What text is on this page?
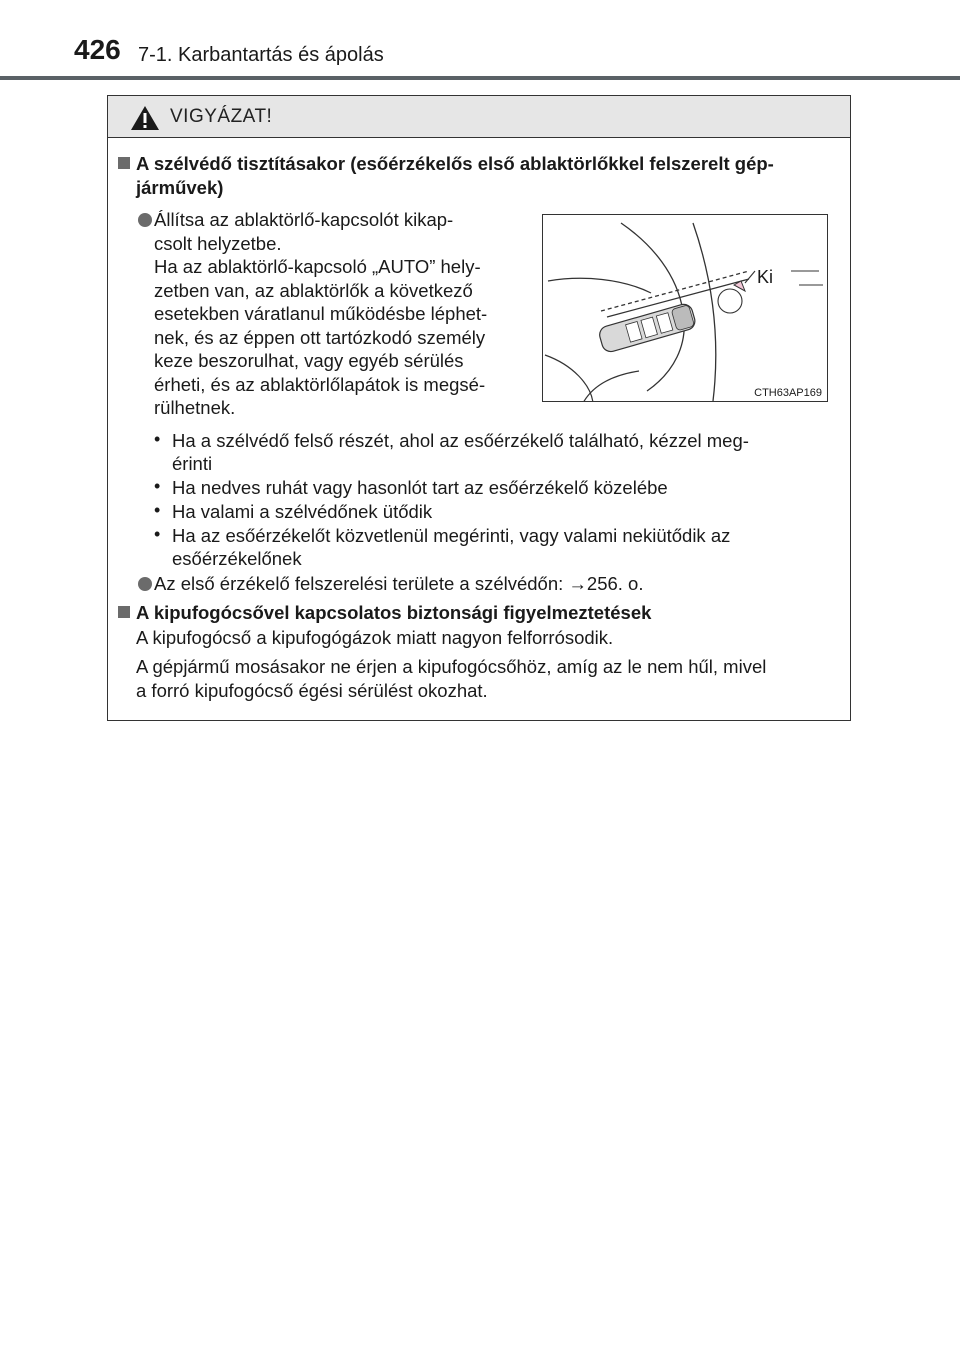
426 7-1. Karbantartás és ápolás
VIGYÁZAT!
A szélvédő tisztításakor (esőérzékelős első ablaktörlőkkel felszerelt gép-
járművek)
Állítsa az ablaktörlő-kapcsolót kikap-
csolt helyzetbe.
Ha az ablaktörlő-kapcsoló „AUTO” hely-
zetben van, az ablaktörlők a következő
esetekben váratlanul működésbe léphet-
nek, és az éppen ott tartózkodó személy
keze beszorulhat, vagy egyéb sérülés
érheti, és az ablaktörlőlapátok is megsé-
rülhetnek.
Ki
CTH63AP169
• Ha a szélvédő felső részét, ahol az esőérzékelő található, kézzel meg-
érinti
• Ha nedves ruhát vagy hasonlót tart az esőérzékelő közelébe
• Ha valami a szélvédőnek ütődik
• Ha az esőérzékelőt közvetlenül megérinti, vagy valami nekiütődik az
esőérzékelőnek
Az első érzékelő felszerelési területe a szélvédőn: →256. o.
A kipufogócsővel kapcsolatos biztonsági figyelmeztetések
A kipufogócső a kipufogógázok miatt nagyon felforrósodik.
A gépjármű mosásakor ne érjen a kipufogócsőhöz, amíg az le nem hűl, mivel
a forró kipufogócső égési sérülést okozhat.
